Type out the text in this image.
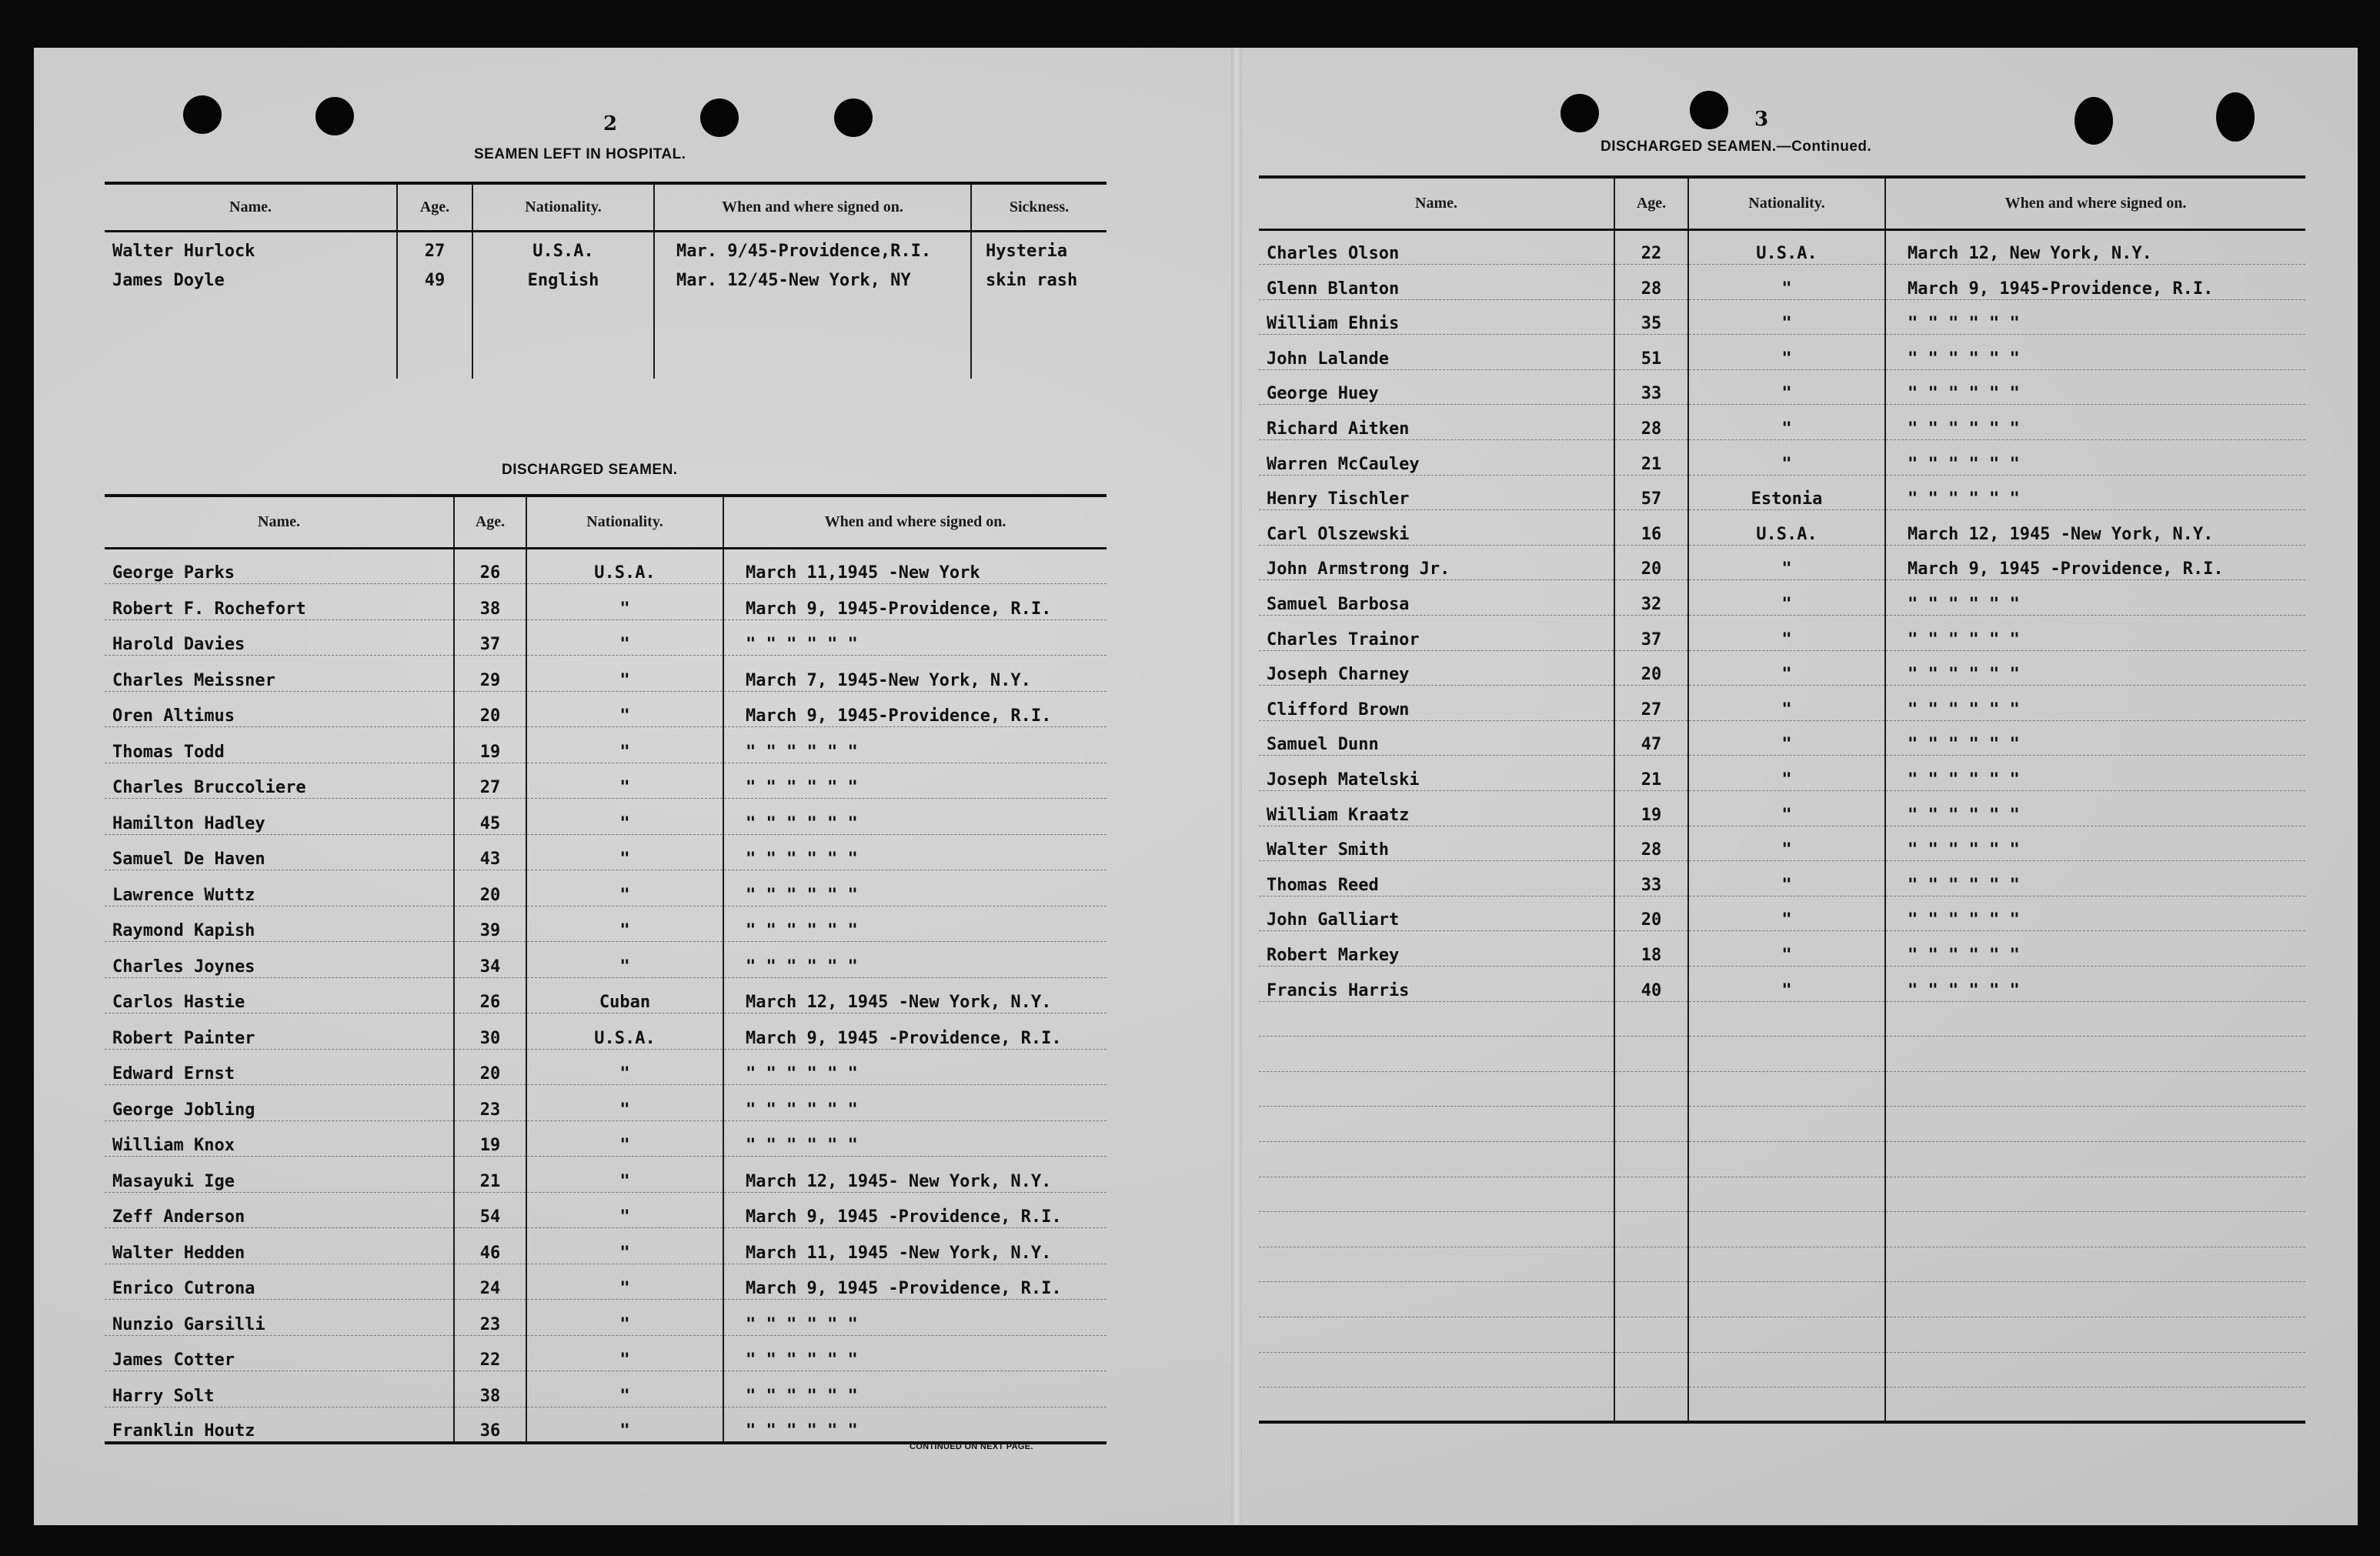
2
SEAMEN LEFT IN HOSPITAL.
Name.	Age.	Nationality.	When and where signed on.	Sickness.
Walter Hurlock	27	U.S.A.	Mar. 9/45-Providence,R.I.	Hysteria
James Doyle	49	English	Mar. 12/45-New York, NY	skin rash

DISCHARGED SEAMEN.
Name.	Age.	Nationality.	When and where signed on.
George Parks	26	U.S.A.	March 11,1945 -New York
Robert F. Rochefort	38	"	March 9, 1945-Providence, R.I.
Harold Davies	37	"	" " " " " "
Charles Meissner	29	"	March 7, 1945-New York, N.Y.
Oren Altimus	20	"	March 9, 1945-Providence, R.I.
Thomas Todd	19	"	" " " " " "
Charles Bruccoliere	27	"	" " " " " "
Hamilton Hadley	45	"	" " " " " "
Samuel De Haven	43	"	" " " " " "
Lawrence Wuttz	20	"	" " " " " "
Raymond Kapish	39	"	" " " " " "
Charles Joynes	34	"	" " " " " "
Carlos Hastie	26	Cuban	March 12, 1945 -New York, N.Y.
Robert Painter	30	U.S.A.	March 9, 1945 -Providence, R.I.
Edward Ernst	20	"	" " " " " "
George Jobling	23	"	" " " " " "
William Knox	19	"	" " " " " "
Masayuki Ige	21	"	March 12, 1945- New York, N.Y.
Zeff Anderson	54	"	March 9, 1945 -Providence, R.I.
Walter Hedden	46	"	March 11, 1945 -New York, N.Y.
Enrico Cutrona	24	"	March 9, 1945 -Providence, R.I.
Nunzio Garsilli	23	"	" " " " " "
James Cotter	22	"	" " " " " "
Harry Solt	38	"	" " " " " "
Franklin Houtz	36	"	" " " " " "
CONTINUED ON NEXT PAGE.
3
DISCHARGED SEAMEN.—Continued.
Name.	Age.	Nationality.	When and where signed on.
Charles Olson	22	U.S.A.	March 12, New York, N.Y.
Glenn Blanton	28	"	March 9, 1945-Providence, R.I.
William Ehnis	35	"	" " " " " "
John Lalande	51	"	" " " " " "
George Huey	33	"	" " " " " "
Richard Aitken	28	"	" " " " " "
Warren McCauley	21	"	" " " " " "
Henry Tischler	57	Estonia	" " " " " "
Carl Olszewski	16	U.S.A.	March 12, 1945 -New York, N.Y.
John Armstrong Jr.	20	"	March 9, 1945 -Providence, R.I.
Samuel Barbosa	32	"	" " " " " "
Charles Trainor	37	"	" " " " " "
Joseph Charney	20	"	" " " " " "
Clifford Brown	27	"	" " " " " "
Samuel Dunn	47	"	" " " " " "
Joseph Matelski	21	"	" " " " " "
William Kraatz	19	"	" " " " " "
Walter Smith	28	"	" " " " " "
Thomas Reed	33	"	" " " " " "
John Galliart	20	"	" " " " " "
Robert Markey	18	"	" " " " " "
Francis Harris	40	"	" " " " " "
